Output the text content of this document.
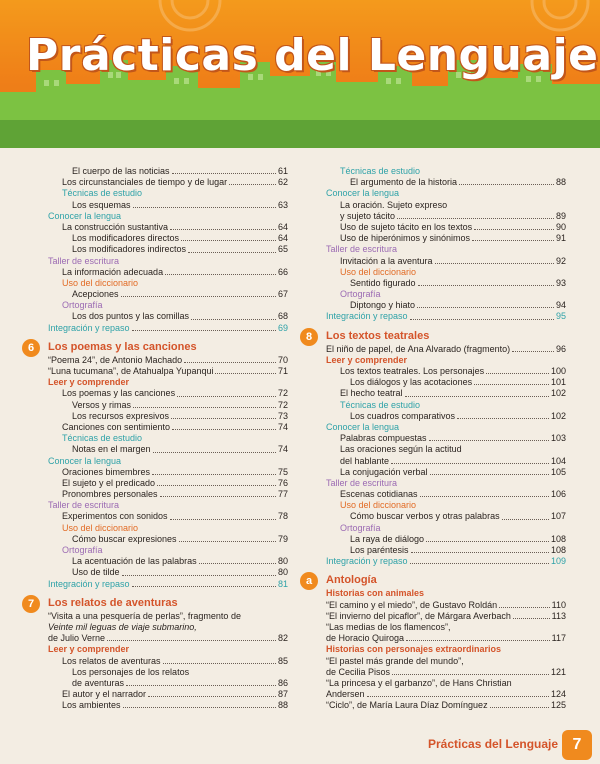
Prácticas del Lenguaje
El cuerpo de las noticias	61
Los circunstanciales de tiempo y de lugar	62
Técnicas de estudio
Los esquemas	63
Conocer la lengua
La construcción sustantiva	64
Los modificadores directos	64
Los modificadores indirectos	65
Taller de escritura
La información adecuada	66
Uso del diccionario
Acepciones	67
Ortografía
Los dos puntos y las comillas	68
Integración y repaso	69
6	Los poemas y las canciones
“Poema 24”, de Antonio Machado	70
“Luna tucumana”, de Atahualpa Yupanqui	71
Leer y comprender
Los poemas y las canciones	72
Versos y rimas	72
Los recursos expresivos	73
Canciones con sentimiento	74
Técnicas de estudio
Notas en el margen	74
Conocer la lengua
Oraciones bimembres	75
El sujeto y el predicado	76
Pronombres personales	77
Taller de escritura
Experimentos con sonidos	78
Uso del diccionario
Cómo buscar expresiones	79
Ortografía
La acentuación de las palabras	80
Uso de tilde	80
Integración y repaso	81
7	Los relatos de aventuras
“Visita a una pesquería de perlas”, fragmento de
Veinte mil leguas de viaje submarino,
de Julio Verne	82
Leer y comprender
Los relatos de aventuras	85
Los personajes de los relatos
de aventuras	86
El autor y el narrador	87
Los ambientes	88
Técnicas de estudio
El argumento de la historia	88
Conocer la lengua
La oración. Sujeto expreso
y sujeto tácito	89
Uso de sujeto tácito en los textos	90
Uso de hiperónimos y sinónimos	91
Taller de escritura
Invitación a la aventura	92
Uso del diccionario
Sentido figurado	93
Ortografía
Diptongo y hiato	94
Integración y repaso	95
8	Los textos teatrales
El niño de papel, de Ana Alvarado (fragmento)	96
Leer y comprender
Los textos teatrales. Los personajes	100
Los diálogos y las acotaciones	101
El hecho teatral	102
Técnicas de estudio
Los cuadros comparativos	102
Conocer la lengua
Palabras compuestas	103
Las oraciones según la actitud
del hablante	104
La conjugación verbal	105
Taller de escritura
Escenas cotidianas	106
Uso del diccionario
Cómo buscar verbos y otras palabras	107
Ortografía
La raya de diálogo	108
Los paréntesis	108
Integración y repaso	109
a	Antología
Historias con animales
“El camino y el miedo”, de Gustavo Roldán	110
“El invierno del picaflor”, de Márgara Averbach	113
“Las medias de los flamencos”,
de Horacio Quiroga	117
Historias con personajes extraordinarios
“El pastel más grande del mundo”,
de Cecilia Pisos	121
“La princesa y el garbanzo”, de Hans Christian
Andersen	124
“Ciclo”, de María Laura Díaz Domínguez	125
Prácticas del Lenguaje 7
